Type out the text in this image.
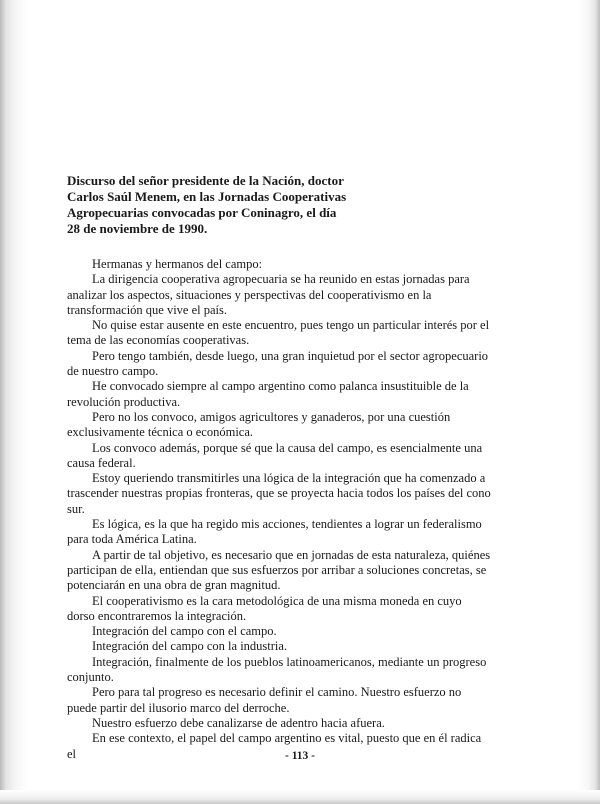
Discurso del señor presidente de la Nación, doctor Carlos Saúl Menem, en las Jornadas Cooperativas Agropecuarias convocadas por Coninagro, el día 28 de noviembre de 1990.

Hermanas y hermanos del campo:

La dirigencia cooperativa agropecuaria se ha reunido en estas jornadas para analizar los aspectos, situaciones y perspectivas del cooperativismo en la transformación que vive el país.

No quise estar ausente en este encuentro, pues tengo un particular interés por el tema de las economías cooperativas.

Pero tengo también, desde luego, una gran inquietud por el sector agropecuario de nuestro campo.

He convocado siempre al campo argentino como palanca insustituible de la revolución productiva.

Pero no los convoco, amigos agricultores y ganaderos, por una cuestión exclusivamente técnica o económica.

Los convoco además, porque sé que la causa del campo, es esencialmente una causa federal.

Estoy queriendo transmitirles una lógica de la integración que ha comenzado a trascender nuestras propias fronteras, que se proyecta hacia todos los países del cono sur.

Es lógica, es la que ha regido mis acciones, tendientes a lograr un federalismo para toda América Latina.

A partir de tal objetivo, es necesario que en jornadas de esta naturaleza, quiénes participan de ella, entiendan que sus esfuerzos por arribar a soluciones concretas, se potenciarán en una obra de gran magnitud.

El cooperativismo es la cara metodológica de una misma moneda en cuyo dorso encontraremos la integración.

Integración del campo con el campo.

Integración del campo con la industria.

Integración, finalmente de los pueblos latinoamericanos, mediante un progreso conjunto.

Pero para tal progreso es necesario definir el camino. Nuestro esfuerzo no puede partir del ilusorio marco del derroche.

Nuestro esfuerzo debe canalizarse de adentro hacia afuera.

En ese contexto, el papel del campo argentino es vital, puesto que en él radica el	- 113 -
